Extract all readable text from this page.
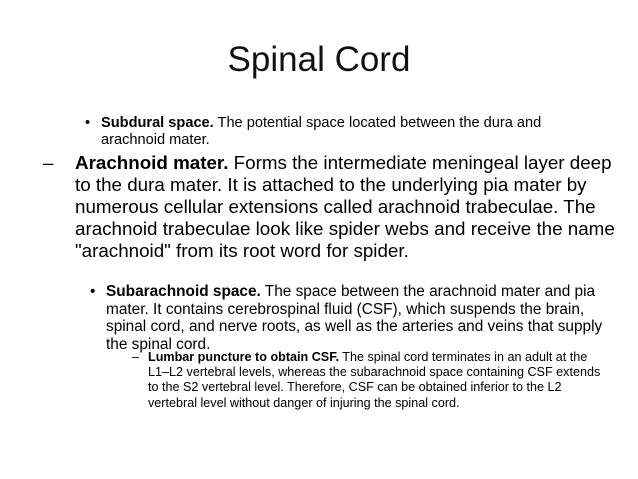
Spinal Cord

• Subdural space. The potential space located between the dura and arachnoid mater.

– Arachnoid mater. Forms the intermediate meningeal layer deep to the dura mater. It is attached to the underlying pia mater by numerous cellular extensions called arachnoid trabeculae. The arachnoid trabeculae look like spider webs and receive the name "arachnoid" from its root word for spider.

• Subarachnoid space. The space between the arachnoid mater and pia mater. It contains cerebrospinal fluid (CSF), which suspends the brain, spinal cord, and nerve roots, as well as the arteries and veins that supply the spinal cord.

– Lumbar puncture to obtain CSF. The spinal cord terminates in an adult at the L1–L2 vertebral levels, whereas the subarachnoid space containing CSF extends to the S2 vertebral level. Therefore, CSF can be obtained inferior to the L2 vertebral level without danger of injuring the spinal cord.
